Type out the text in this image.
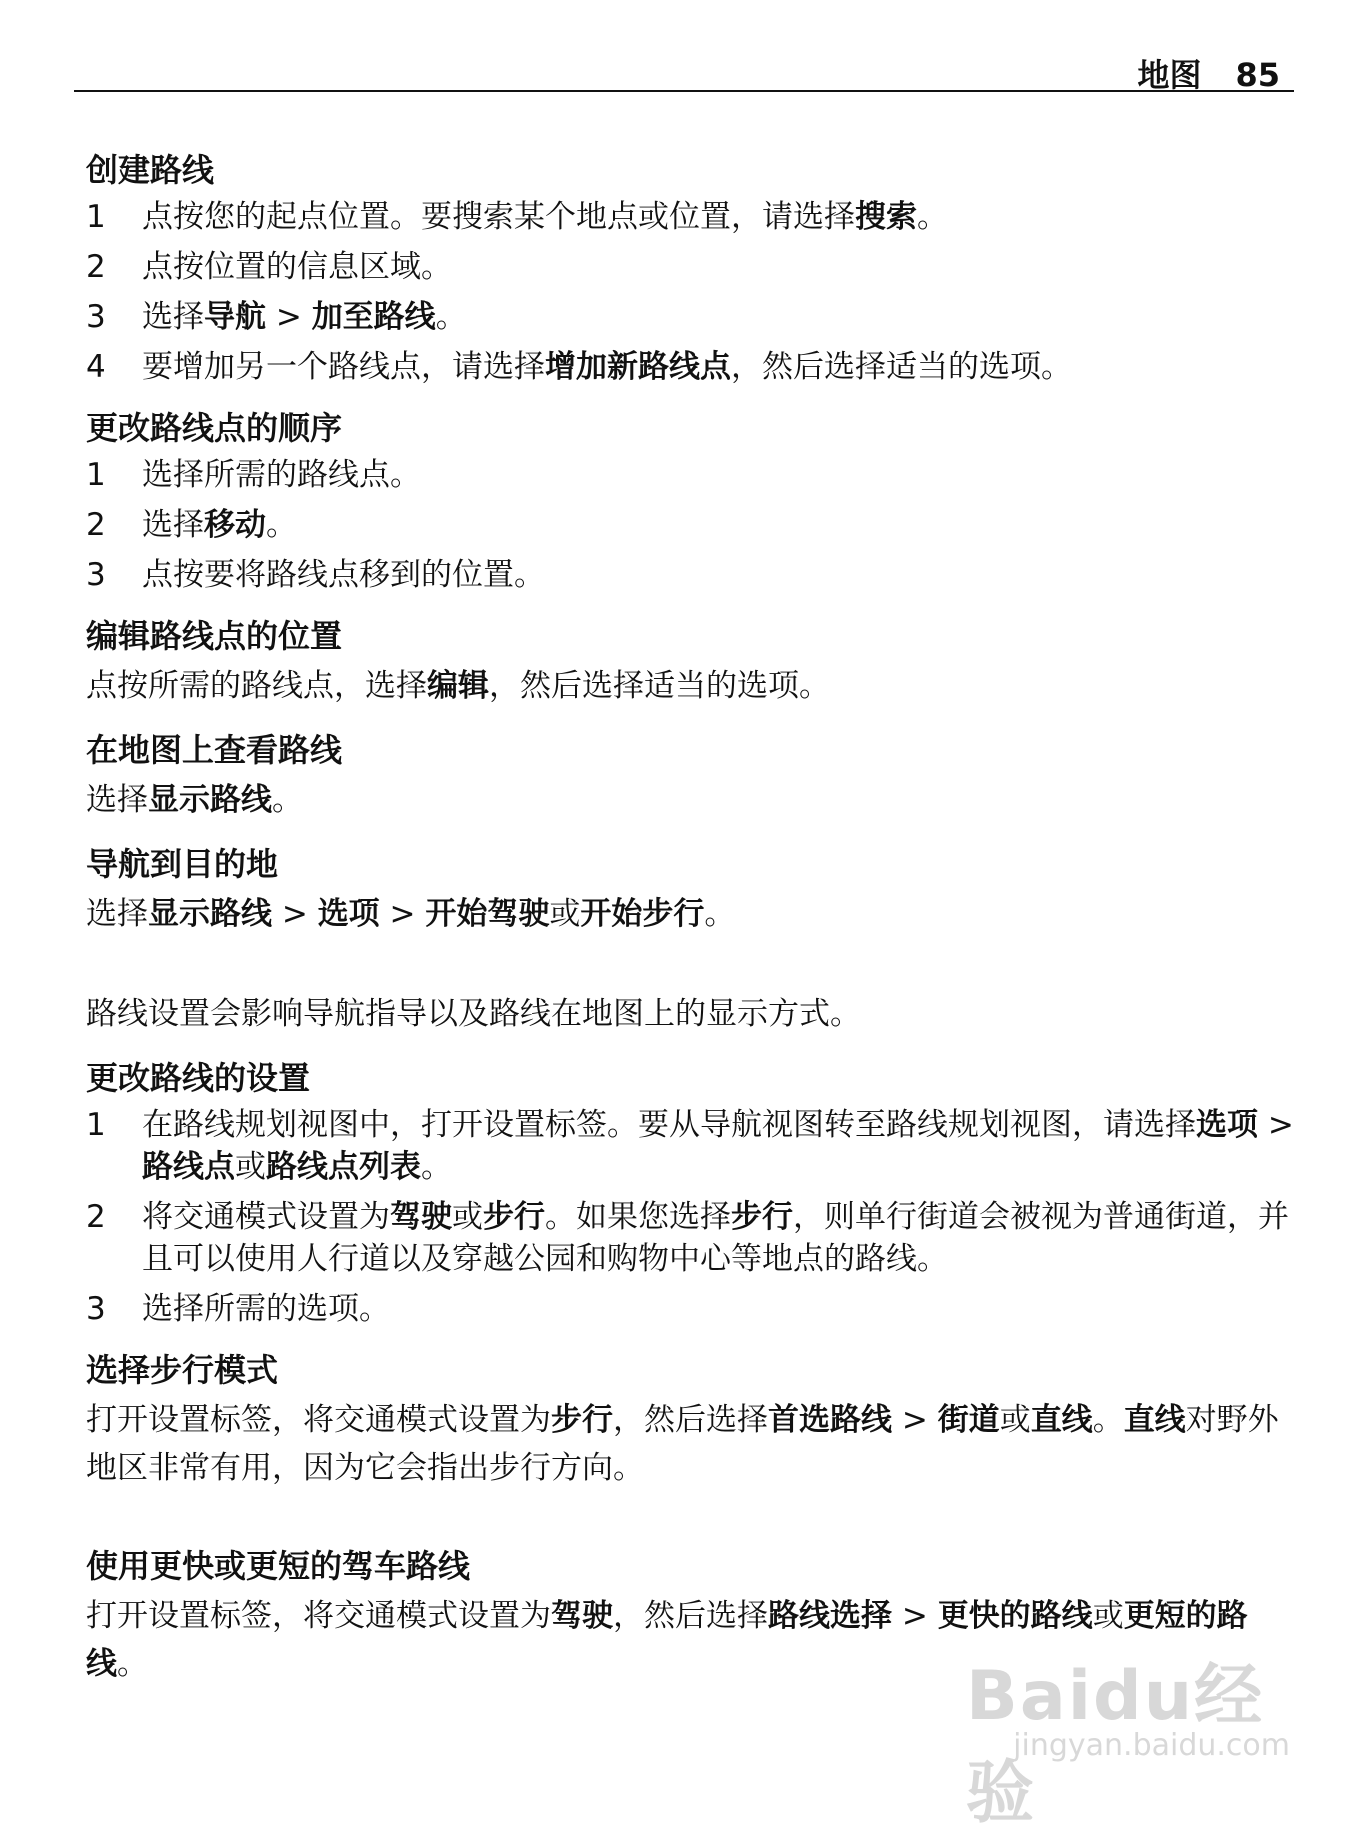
地图 85
创建路线
1 点按您的起点位置。要搜索某个地点或位置，请选择搜索。
2 点按位置的信息区域。
3 选择导航 > 加至路线。
4 要增加另一个路线点，请选择增加新路线点，然后选择适当的选项。
更改路线点的顺序
1 选择所需的路线点。
2 选择移动。
3 点按要将路线点移到的位置。
编辑路线点的位置
点按所需的路线点，选择编辑，然后选择适当的选项。
在地图上查看路线
选择显示路线。
导航到目的地
选择显示路线 > 选项 > 开始驾驶或开始步行。
路线设置会影响导航指导以及路线在地图上的显示方式。
更改路线的设置
1 在路线规划视图中，打开设置标签。要从导航视图转至路线规划视图，请选择选项 > 路线点或路线点列表。
2 将交通模式设置为驾驶或步行。如果您选择步行，则单行街道会被视为普通街道，并且可以使用人行道以及穿越公园和购物中心等地点的路线。
3 选择所需的选项。
选择步行模式
打开设置标签，将交通模式设置为步行，然后选择首选路线 > 街道或直线。直线对野外地区非常有用，因为它会指出步行方向。
使用更快或更短的驾车路线
打开设置标签，将交通模式设置为驾驶，然后选择路线选择 > 更快的路线或更短的路线。	Baidu经验
jingyan.baidu.com
